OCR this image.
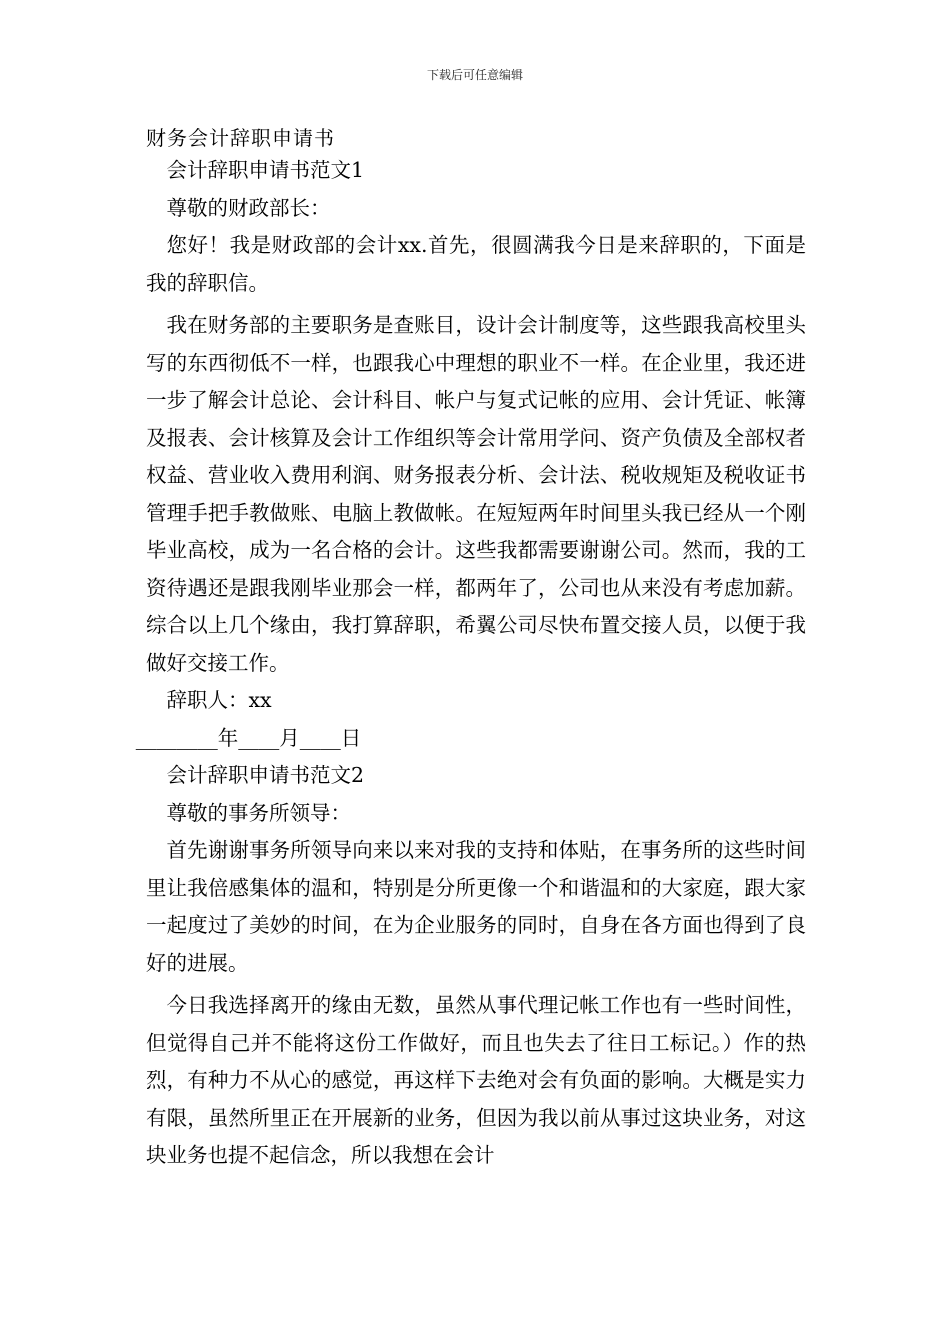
下载后可任意编辑
财务会计辞职申请书

会计辞职申请书范文1

尊敬的财政部长：

您好！我是财政部的会计xx.首先，很圆满我今日是来辞职的，下面是我的辞职信。

我在财务部的主要职务是查账目，设计会计制度等，这些跟我高校里头写的东西彻低不一样，也跟我心中理想的职业不一样。在企业里，我还进一步了解会计总论、会计科目、帐户与复式记帐的应用、会计凭证、帐簿及报表、会计核算及会计工作组织等会计常用学问、资产负债及全部权者权益、营业收入费用利润、财务报表分析、会计法、税收规矩及税收证书管理手把手教做账、电脑上教做帐。在短短两年时间里头我已经从一个刚毕业高校，成为一名合格的会计。这些我都需要谢谢公司。然而，我的工资待遇还是跟我刚毕业那会一样，都两年了，公司也从来没有考虑加薪。综合以上几个缘由，我打算辞职，希翼公司尽快布置交接人员，以便于我做好交接工作。

辞职人：xx

________年____月____日

会计辞职申请书范文2

尊敬的事务所领导：

首先谢谢事务所领导向来以来对我的支持和体贴，在事务所的这些时间里让我倍感集体的温和，特别是分所更像一个和谐温和的大家庭，跟大家一起度过了美妙的时间，在为企业服务的同时，自身在各方面也得到了良好的进展。

今日我选择离开的缘由无数，虽然从事代理记帐工作也有一些时间性，但觉得自己并不能将这份工作做好，而且也失去了往日工标记。）作的热烈，有种力不从心的感觉，再这样下去绝对会有负面的影响。大概是实力有限，虽然所里正在开展新的业务，但因为我以前从事过这块业务，对这块业务也提不起信念，所以我想在会计
